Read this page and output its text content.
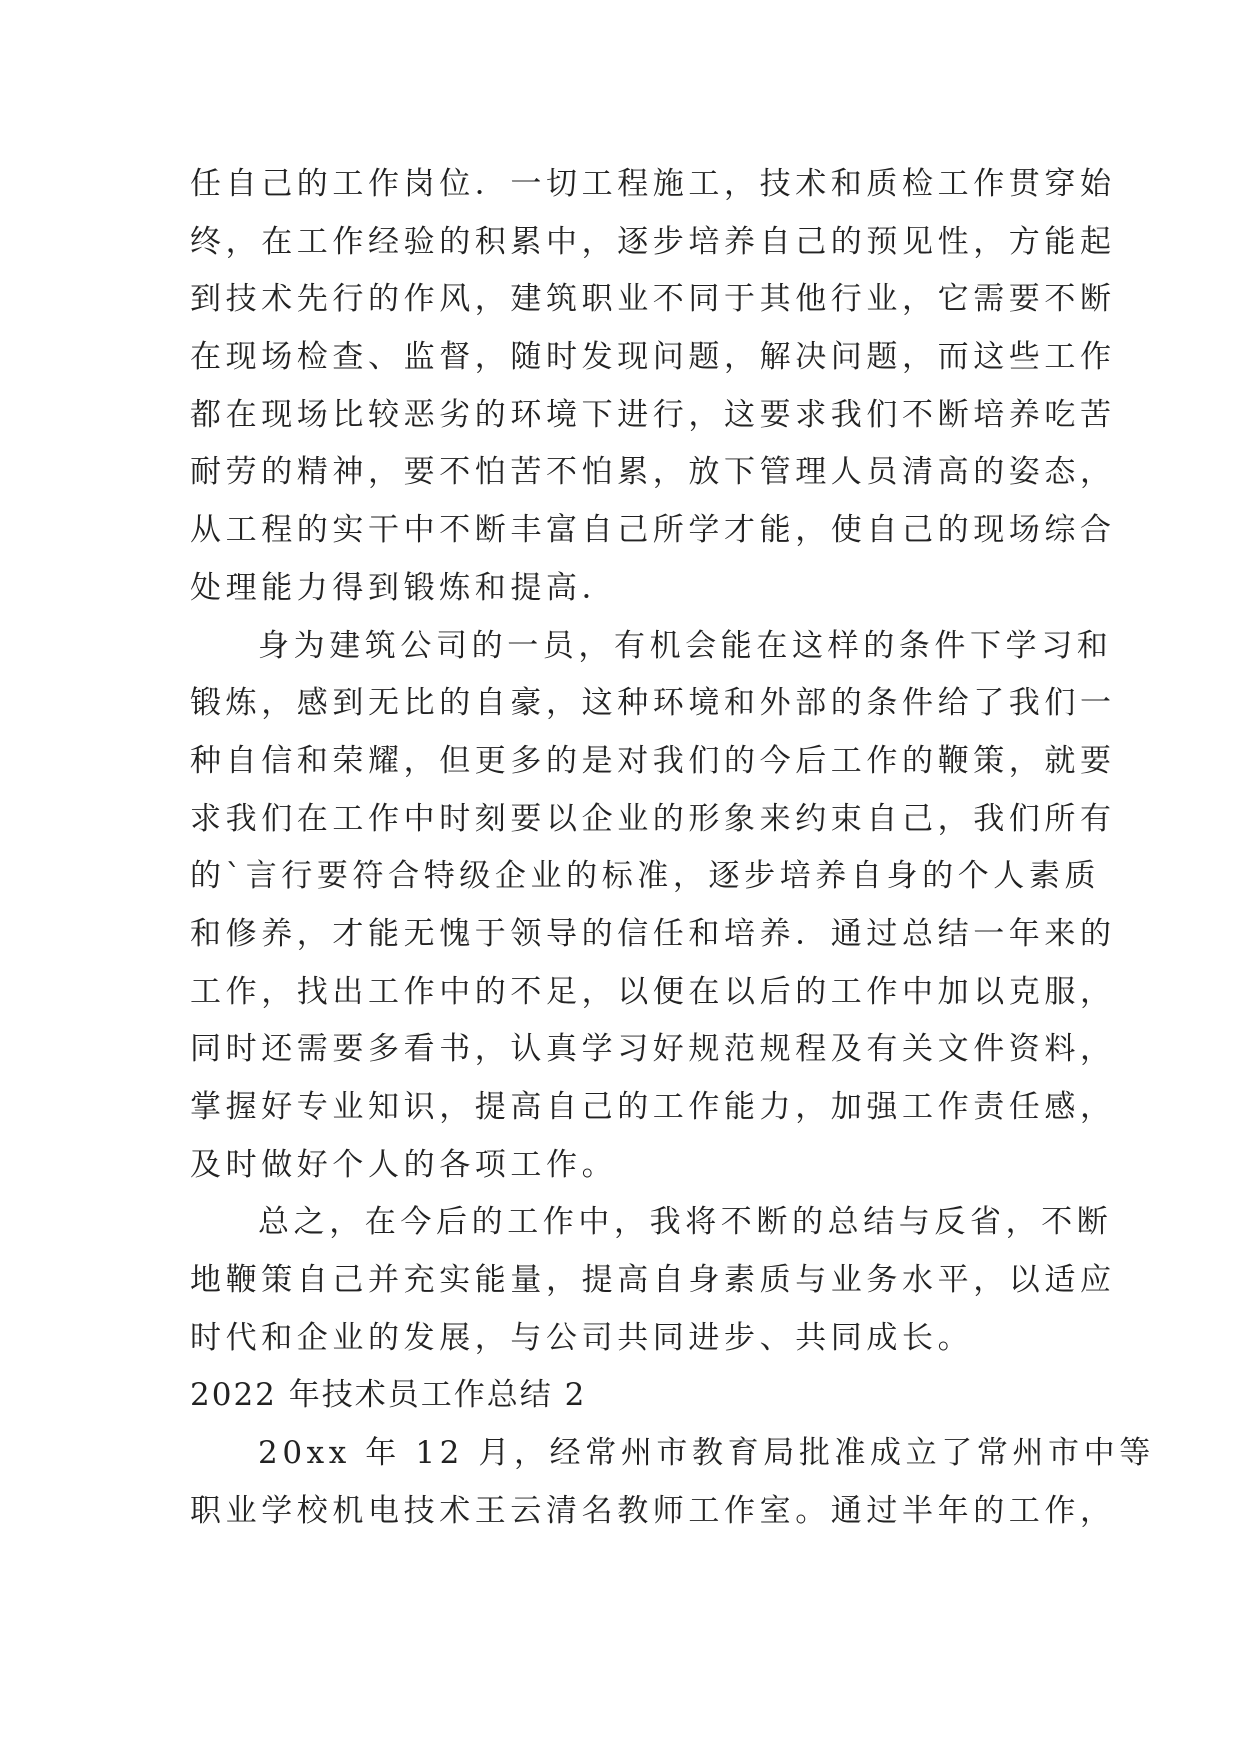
任自己的工作岗位．一切工程施工，技术和质检工作贯穿始
终，在工作经验的积累中，逐步培养自己的预见性，方能起
到技术先行的作风，建筑职业不同于其他行业，它需要不断
在现场检查、监督，随时发现问题，解决问题，而这些工作
都在现场比较恶劣的环境下进行，这要求我们不断培养吃苦
耐劳的精神，要不怕苦不怕累，放下管理人员清高的姿态，
从工程的实干中不断丰富自己所学才能，使自己的现场综合
处理能力得到锻炼和提高．
身为建筑公司的一员，有机会能在这样的条件下学习和
锻炼，感到无比的自豪，这种环境和外部的条件给了我们一
种自信和荣耀，但更多的是对我们的今后工作的鞭策，就要
求我们在工作中时刻要以企业的形象来约束自己，我们所有
的`言行要符合特级企业的标准，逐步培养自身的个人素质
和修养，才能无愧于领导的信任和培养．通过总结一年来的
工作，找出工作中的不足，以便在以后的工作中加以克服，
同时还需要多看书，认真学习好规范规程及有关文件资料，
掌握好专业知识，提高自己的工作能力，加强工作责任感，
及时做好个人的各项工作。
总之，在今后的工作中，我将不断的总结与反省，不断
地鞭策自己并充实能量，提高自身素质与业务水平，以适应
时代和企业的发展，与公司共同进步、共同成长。
2022 年技术员工作总结 2
20xx 年 12 月，经常州市教育局批准成立了常州市中等
职业学校机电技术王云清名教师工作室。通过半年的工作，
